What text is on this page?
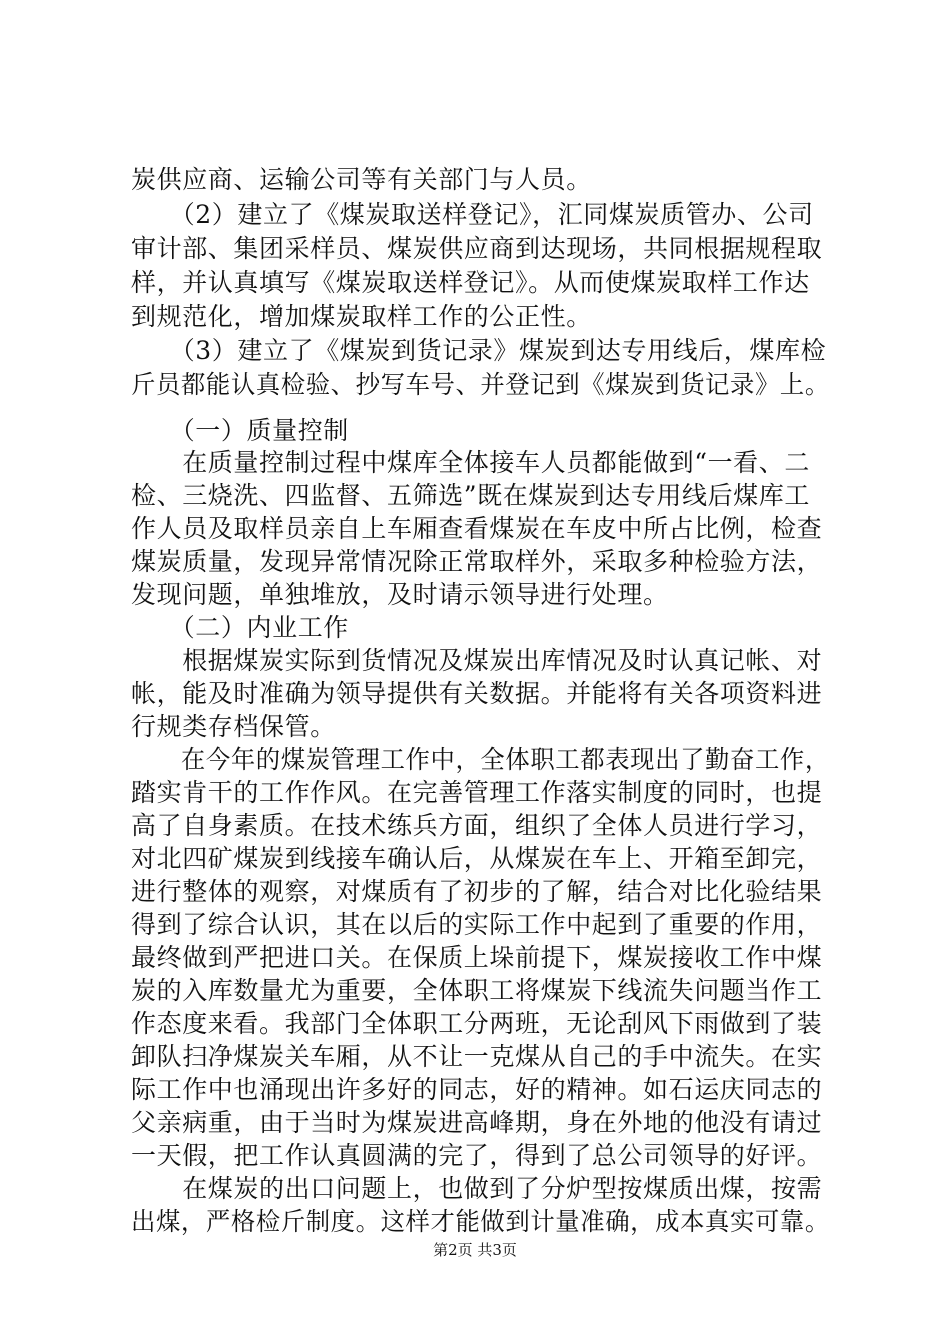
炭供应商、运输公司等有关部门与人员。
　　（2）建立了《煤炭取送样登记》，汇同煤炭质管办、公司
审计部、集团采样员、煤炭供应商到达现场，共同根据规程取
样，并认真填写《煤炭取送样登记》。从而使煤炭取样工作达
到规范化，增加煤炭取样工作的公正性。
　　（3）建立了《煤炭到货记录》煤炭到达专用线后，煤库检
斤员都能认真检验、抄写车号、并登记到《煤炭到货记录》上。
　　（一）质量控制
　　在质量控制过程中煤库全体接车人员都能做到“一看、二
检、三烧洗、四监督、五筛选”既在煤炭到达专用线后煤库工
作人员及取样员亲自上车厢查看煤炭在车皮中所占比例，检查
煤炭质量，发现异常情况除正常取样外，采取多种检验方法，
发现问题，单独堆放，及时请示领导进行处理。
　　（二）内业工作
　　根据煤炭实际到货情况及煤炭出库情况及时认真记帐、对
帐，能及时准确为领导提供有关数据。并能将有关各项资料进
行规类存档保管。
　　在今年的煤炭管理工作中，全体职工都表现出了勤奋工作，
踏实肯干的工作作风。在完善管理工作落实制度的同时，也提
高了自身素质。在技术练兵方面，组织了全体人员进行学习，
对北四矿煤炭到线接车确认后，从煤炭在车上、开箱至卸完，
进行整体的观察，对煤质有了初步的了解，结合对比化验结果
得到了综合认识，其在以后的实际工作中起到了重要的作用，
最终做到严把进口关。在保质上垛前提下，煤炭接收工作中煤
炭的入库数量尤为重要，全体职工将煤炭下线流失问题当作工
作态度来看。我部门全体职工分两班，无论刮风下雨做到了装
卸队扫净煤炭关车厢，从不让一克煤从自己的手中流失。在实
际工作中也涌现出许多好的同志，好的精神。如石运庆同志的
父亲病重，由于当时为煤炭进高峰期，身在外地的他没有请过
一天假，把工作认真圆满的完了，得到了总公司领导的好评。
　　在煤炭的出口问题上，也做到了分炉型按煤质出煤，按需
出煤，严格检斤制度。这样才能做到计量准确，成本真实可靠。
第2页 共3页
